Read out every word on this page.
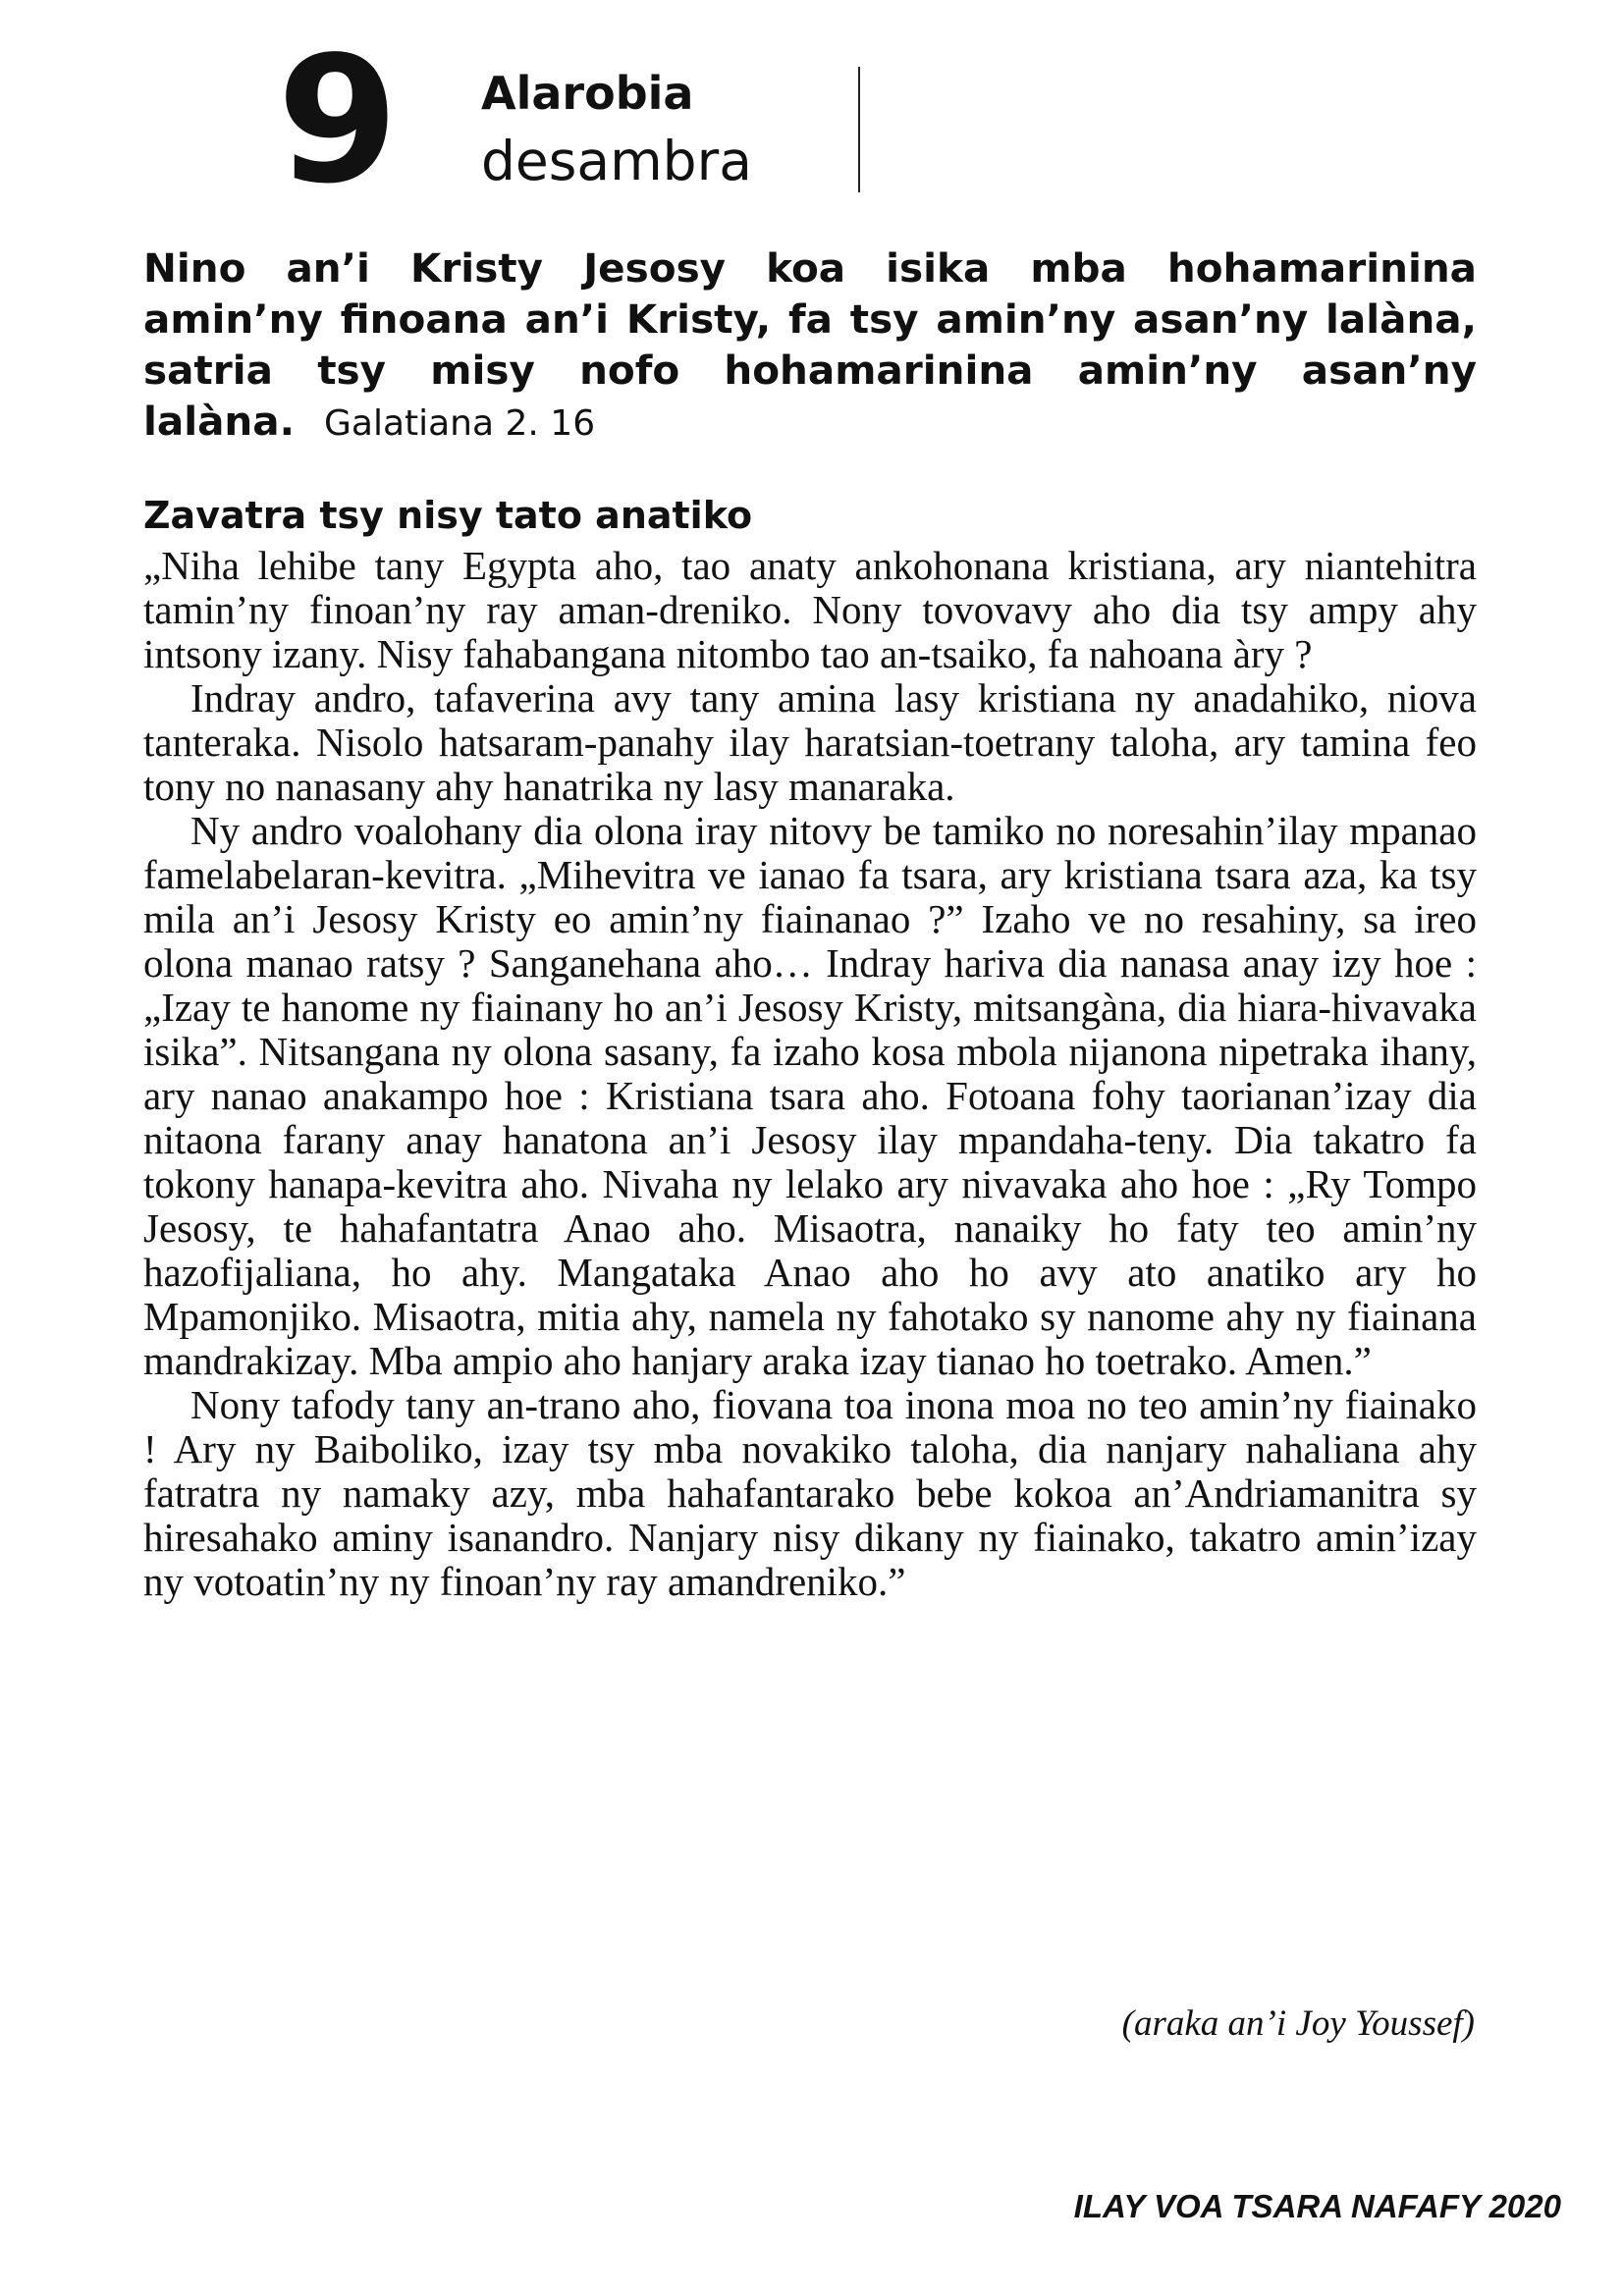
9 Alarobia
desambra
Nino an’i Kristy Jesosy koa isika mba hohamarinina amin’ny finoana an’i Kristy, fa tsy amin’ny asan’ny lalàna, satria tsy misy nofo hohamarinina amin’ny asan’ny lalàna. Galatiana 2. 16
Zavatra tsy nisy tato anatiko

„Niha lehibe tany Egypta aho, tao anaty ankohonana kristiana, ary niantehitra tamin’ny finoan’ny ray aman-dreniko. Nony tovovavy aho dia tsy ampy ahy intsony izany. Nisy fahabangana nitombo tao an-tsaiko, fa nahoana àry ?

Indray andro, tafaverina avy tany amina lasy kristiana ny anadahiko, niova tanteraka. Nisolo hatsaram-panahy ilay haratsian-toetrany taloha, ary tamina feo tony no nanasany ahy hanatrika ny lasy manaraka.

Ny andro voalohany dia olona iray nitovy be tamiko no noresahin’ilay mpanao famelabelaran-kevitra. „Mihevitra ve ianao fa tsara, ary kristiana tsara aza, ka tsy mila an’i Jesosy Kristy eo amin’ny fiainanao ?” Izaho ve no resahiny, sa ireo olona manao ratsy ? Sanganehana aho… Indray hariva dia nanasa anay izy hoe : „Izay te hanome ny fiainany ho an’i Jesosy Kristy, mitsangàna, dia hiara-hivavaka isika”. Nitsangana ny olona sasany, fa izaho kosa mbola nijanona nipetraka ihany, ary nanao anakampo hoe : Kristiana tsara aho. Fotoana fohy taorianan’izay dia nitaona farany anay hanatona an’i Jesosy ilay mpandaha-teny. Dia takatro fa tokony hanapa-kevitra aho. Nivaha ny lelako ary nivavaka aho hoe : „Ry Tompo Jesosy, te hahafantatra Anao aho. Misaotra, nanaiky ho faty teo amin’ny hazofijaliana, ho ahy. Mangataka Anao aho ho avy ato anatiko ary ho Mpamonjiko. Misaotra, mitia ahy, namela ny fahotako sy nanome ahy ny fiainana mandrakizay. Mba ampio aho hanjary araka izay tianao ho toetrako. Amen.”

Nony tafody tany an-trano aho, fiovana toa inona moa no teo amin’ny fiainako ! Ary ny Baiboliko, izay tsy mba novakiko taloha, dia nanjary nahaliana ahy fatratra ny namaky azy, mba hahafantarako bebe kokoa an’Andriamanitra sy hiresahako aminy isanandro. Nanjary nisy dikany ny fiainako, takatro amin’izay ny votoatin’ny ny finoan’ny ray amandreniko.”

(araka an’i Joy Youssef)
ILAY VOA TSARA NAFAFY 2020
